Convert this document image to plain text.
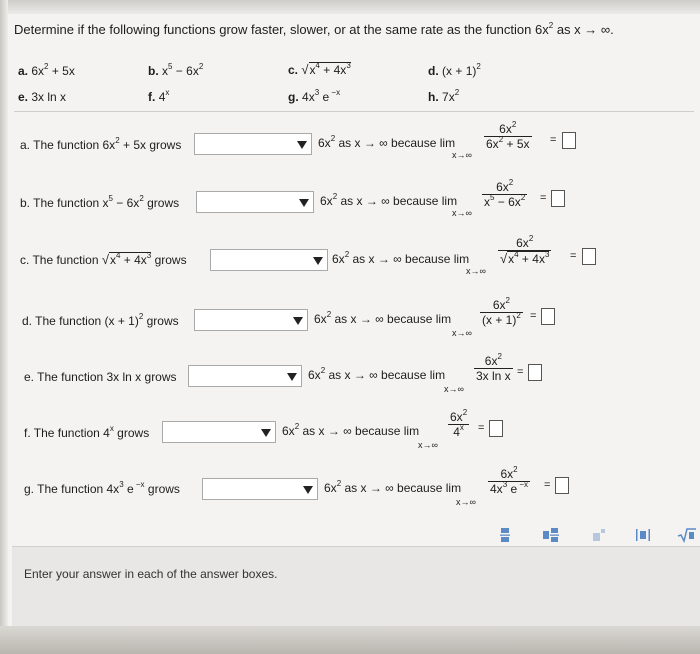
Determine if the following functions grow faster, slower, or at the same rate as the function $6x^2$ as x → ∞.
a. $6x^2 + 5x$	b. $x^5 - 6x^2$	c. $√x^4 + 4x^3$	d. $(x + 1)^2$
e. 3x ln x	f. 4$^x$	g. $4x^3$ e $^{-x}$	h. $7x^2$
a. The function $6x^2 + 5x$ grows	$6x^2$ as x → ∞ because lim
$6x^2$
$6x^2 + 5x$
x→∞
=
b. The function $x^5 - 6x^2$ grows	$6x^2$ as x → ∞ because lim
$6x^2$
$x^5 - 6x^2$
x→∞
=
c. The function $√x^4 + 4x^3$ grows	$6x^2$ as x → ∞ because lim
$6x^2$
$√x^4 + 4x^3$
x→∞
=
d. The function $(x + 1)^2$ grows	$6x^2$ as x → ∞ because lim
$6x^2$
$(x + 1)^2$
x→∞
=
e. The function 3x ln x grows	$6x^2$ as x → ∞ because lim
$6x^2$
3x ln x
x→∞
=
f. The function 4$^x$ grows	$6x^2$ as x → ∞ because lim
$6x^2$
4$^x$
x→∞
=
g. The function $4x^3$ e $^{-x}$ grows	$6x^2$ as x → ∞ because lim
$6x^2$
$4x^3$ e $^{-x}$
x→∞
=
Enter your answer in each of the answer boxes.
